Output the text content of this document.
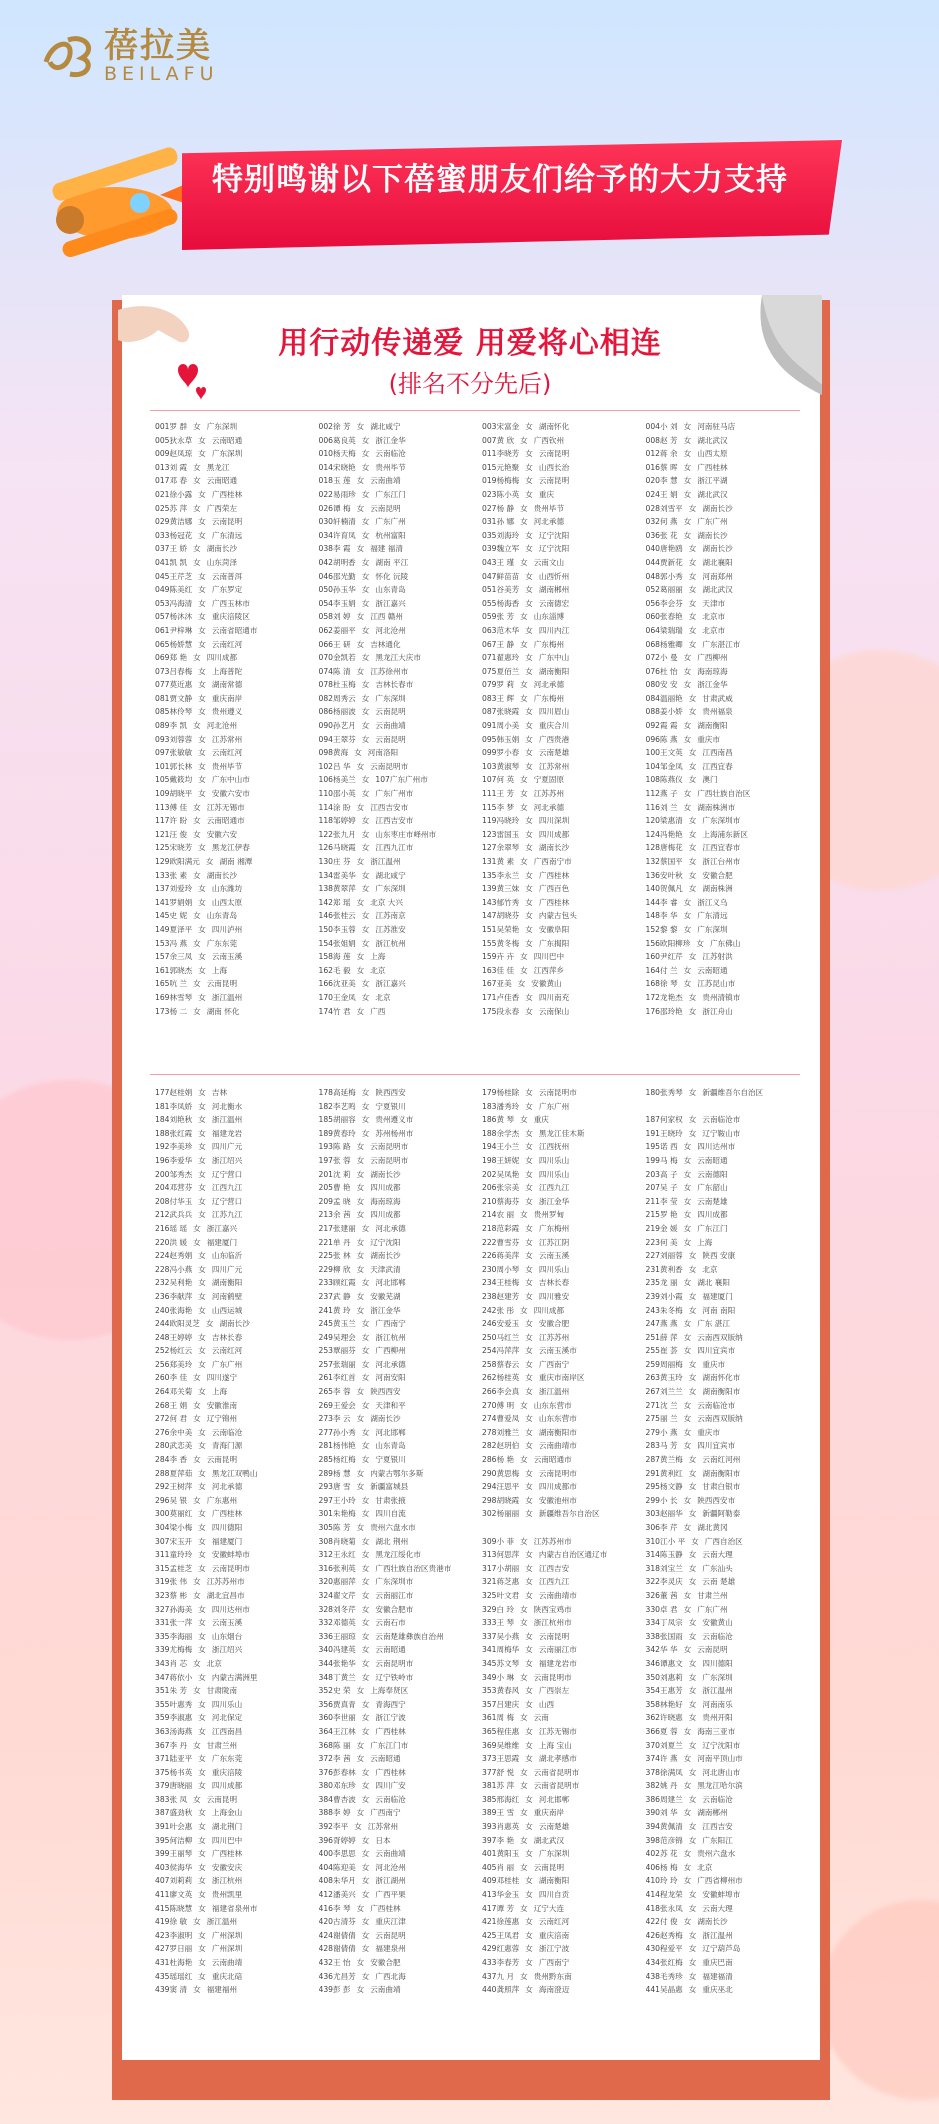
蓓拉美
BEILAFU
特别鸣谢以下蓓蜜朋友们给予的大力支持
用行动传递爱 用爱将心相连
(排名不分先后)
001罗 群 女 广东深圳	002徐 芳 女 湖北咸宁	003宋富金 女 湖南怀化	004小 刘 女 河南驻马店
005狄永草 女 云南昭通	006葛良英 女 浙江金华	007黄 欣 女 广西钦州	008赵 芳 女 湖北武汉
009赵凤琼 女 广东深圳	010杨天梅 女 云南临沧	011李晓芳 女 云南昆明	012蒋 余 女 山西太原
013刘 霞 女 黑龙江	014宋晓艳 女 贵州毕节	015元艳聚 女 山西长治	016蔡 晖 女 广西桂林
017邓 春 女 云南昭通	018玉 莲 女 云南曲靖	019杨梅梅 女 云南昆明	020李 慧 女 浙江平湖
021徐小露 女 广西桂林	022易雨珍 女 广东江门	023陈小英 女 重庆	024王 娟 女 湖北武汉
025苏 萍 女 广西荣左	026谭 梅 女 云南昆明	027杨 静 女 贵州毕节	028刘雪平 女 湖南长沙
029黄洁娜 女 云南昆明	030轩楠清 女 广东广州	031孙 娜 女 河北承德	032何 燕 女 广东广州
033杨冠花 女 广东清远	034许育凤 女 杭州富阳	035刘海玲 女 辽宁沈阳	036张 花 女 湖南长沙
037王 娇 女 湖南长沙	038李 霞 女 福建 福清	039魏立军 女 辽宁沈阳	040唐艳鸥 女 湖南长沙
041凯 凯 女 山东菏泽	042胡明香 女 湖南 平江	043王 瑾 女 云南文山	044贾新花 女 湖北襄阳
045王芹芝 女 云南普洱	046邵光勤 女 怀化 沅陵	047鲜苗苗 女 山西忻州	048郭小秀 女 河南郑州
049陈美红 女 广东罗定	050孙玉华 女 山东青岛	051谷美芳 女 湖南郴州	052葛丽丽 女 湖北武汉
053冯海清 女 广西玉林市	054李玉娟 女 浙江嘉兴	055杨海香 女 云南德宏	056李会芬 女 天津市
057杨沐沐 女 重庆涪陵区	058刘 婷 女 江西 赣州	059张 芳 女 山东淄博	060张春艳 女 北京市
061尹梓琳 女 云南省昭通市	062姜丽平 女 河北沧州	063范木华 女 四川内江	064梁瑞瑞 女 北京市
065杨娇慧 女 云南红河	066王 研 女 吉林通化	067王 静 女 广东梅州	068杨雅卿 女 广东湛江市
069郑 艳 女 四川成都	070金凯若 女 黑龙江大庆市	071翟惠玲 女 广东中山	072小 曼 女 广西柳州
073吕春梅 女 上海普陀	074陈 清 女 江苏徐州市	075夏佰兰 女 湖南衡阳	076杜 怡 女 海南琼海
077莫近惠 女 湖南常德	078杜玉梅 女 吉林长春市	079罗 莉 女 河北承德	080安 安 女 浙江金华
081贾文静 女 重庆南岸	082周秀云 女 广东深圳	083王 辉 女 广东梅州	084温丽艳 女 甘肃武威
085林伶琴 女 贵州遵义	086杨丽波 女 云南昆明	087张晓霞 女 四川眉山	088姜小娇 女 贵州福泉
089李 凯 女 河北沧州	090孙艺月 女 云南曲靖	091周小美 女 重庆合川	092霞 霞 女 湖南衡阳
093刘蓉蓉 女 江苏常州	094王翠芬 女 云南昆明	095韩玉娟 女 广西贵港	096陈 燕 女 重庆市
097张敏敏 女 云南红河	098黄海 女 河南洛阳	099罗小春 女 云南楚雄	100王文英 女 江西南昌
101郭长林 女 贵州毕节	102吕 华 女 云南昆明市	103黄淑琴 女 江苏常州	104邹金凤 女 江西宜春
105戴筱均 女 广东中山市	106杨美兰 女 107广东广州市	107何 英 女 宁夏固原	108陈燕仪 女 澳门
109胡晓平 女 安徽六安市	110邵小英 女 广东广州市	111王 芳 女 江苏苏州	112燕 子 女 广西壮族自治区
113傅 佳 女 江苏无锡市	114涂 盼 女 江西吉安市	115李 梦 女 河北承德	116刘 兰 女 湖南株洲市
117许 盼 女 云南昭通市	118邹婷婷 女 江西吉安市	119冯晓玲 女 四川深圳	120梁惠清 女 广东深圳市
121汪 俊 女 安徽六安	122张九月 女 山东枣庄市峄州市	123雷国玉 女 四川成都	124冯艳艳 女 上海浦东新区
125宋晓芳 女 黑龙江伊春	126马晓霞 女 江西九江市	127余翠琴 女 湖南长沙	128唐梅花 女 江西宜春市
129欧阳满元 女 湖南 湘潭	130庄 芬 女 浙江温州	131黄 素 女 广西南宁市	132蔡国平 女 浙江台州市
133张 素 女 湖南长沙	134雷美华 女 湖北咸宁	135李永兰 女 广西桂林	136安叶秋 女 安徽合肥
137刘爱玲 女 山东潍坊	138黄翠萍 女 广东深圳	139黄三妹 女 广西百色	140贺佩凡 女 湖南株洲
141罗娟娟 女 山西太原	142郑 瑶 女 北京 大兴	143郁竹秀 女 广西桂林	144李 睿 女 浙江义乌
145史 妮 女 山东青岛	146张桂云 女 江苏南京	147胡晓芬 女 内蒙古包头	148李 华 女 广东清远
149夏泽平 女 四川泸州	150李玉蓉 女 江苏淮安	151吴荣艳 女 安徽阜阳	152黎 黎 女 广东深圳
153冯 燕 女 广东东莞	154张姐娟 女 浙江杭州	155黄冬梅 女 广东揭阳	156欧阳柳珍 女 广东佛山
157余三凤 女 云南玉溪	158海 莲 女 上海	159卉 卉 女 四川巴中	160尹红芹 女 江苏射洪
161郭晓杰 女 上海	162毛 毅 女 北京	163佳 佳 女 江西萍乡	164付 兰 女 云南昭通
165吭 兰 女 云南昆明	166沈亚美 女 浙江嘉兴	167亚美 女 安徽黄山	168徐 琴 女 江苏昆山市
169林雪琴 女 浙江温州	170王金凤 女 北京	171卢佳香 女 四川南充	172龙艳杰 女 贵州清镇市
173杨 二 女 湖南 怀化	174竹 君 女 广西	175段永春 女 云南保山	176邵玲艳 女 浙江舟山
177赵桂娟 女 吉林	178高延梅 女 陕西西安	179杨桂除 女 云南昆明市	180张秀琴 女 新疆维吾尔自治区
181李凤娇 女 河北衡水	182李艺鸣 女 宁夏银川	183潘秀玲 女 广东广州
184刘艳秋 女 浙江温州	185胡丽容 女 贵州遵义市	186黄 琴 女 重庆	187何家权 女 云南临沧市
188张红霞 女 福建龙岩	189黄春玲 女 苏州杨州市	188余学杰 女 黑龙江佳木斯	191王晓玲 女 辽宁鞍山市
192李美珍 女 四川广元	193陈 路 女 云南昆明市	194王小兰 女 江西抚州	195诺 西 女 四川达州市
196李爱华 女 浙江绍兴	197张 蓉 女 云南昆明市	198王妍妮 女 四川乐山	199马 梅 女 云南昭通
200邹秀杰 女 辽宁营口	201沈 莉 女 湖南长沙	202吴凤艳 女 四川乐山	203高 子 女 云南德阳
204邓营芬 女 江西九江	205曹 艳 女 四川成都	206张宗美 女 江西九江	207吴 子 女 广东韶山
208付华玉 女 辽宁营口	209孟 晓 女 海南琼海	210蔡海芬 女 浙江金华	211李 莹 女 云南楚雄
212武兵兵 女 江苏九江	213余 茜 女 四川成都	214农 丽 女 贵州罗甸	215罗 艳 女 四川成都
216瑶 瑶 女 浙江嘉兴	217张建丽 女 河北承德	218范彩霞 女 广东梅州	219金 媛 女 广东江门
220洪 媛 女 福建厦门	221单 丹 女 辽宁沈阳	222曹雪芬 女 江苏江阴	223何 美 女 上海
224赵秀娟 女 山东临沂	225张 林 女 湖南长沙	226蒋美萍 女 云南玉溪	227刘丽蓉 女 陕西 安康
228冯小燕 女 四川广元	229柳 欣 女 天津武清	230周小琴 女 四川乐山	231黄利香 女 北京
232吴利艳 女 湖南衡阳	233顾红霞 女 河北邯郸	234王桂梅 女 吉林长春	235龙 丽 女 湖北 襄阳
236李献萍 女 河南鹤壁	237武 静 女 安徽芜湖	238赵建芳 女 四川雅安	239刘小霞 女 福建厦门
240张海艳 女 山西运城	241黄 玲 女 浙江金华	242张 彤 女 四川成都	243朱冬梅 女 河南 南阳
244欧阳灵芝 女 湖南长沙	245黄玉兰 女 广西南宁	246安爱玉 女 安徽合肥	247燕 燕 女 广东 湛江
248王婷婷 女 吉林长春	249吴理会 女 浙江杭州	250马红兰 女 江苏苏州	251薛 萍 女 云南西双版纳
252杨红云 女 云南红河	253覃丽芬 女 广西柳州	254冯萍萍 女 云南玉溪市	255崔 荟 女 四川宜宾市
256郑美玲 女 广东广州	257张瑞丽 女 河北承德	258蔡春云 女 广西南宁	259周丽梅 女 重庆市
260李 佳 女 四川遂宁	261李红首 女 河南安阳	262杨桂英 女 重庆市南岸区	263黄玉玲 女 湖南怀化市
264邓关菊 女 上海	265李 蓉 女 陕西西安	266李会真 女 浙江温州	267刘兰兰 女 湖南衡阳市
268王 娟 女 安徽淮南	269王爱会 女 天津和平	270傅 明 女 山东东营市	271沈 兰 女 云南临沧市
272何 君 女 辽宁锦州	273李 云 女 湖南长沙	274曹爱凤 女 山东东营市	275丽 兰 女 云南西双版纳
276余中美 女 云南临沧	277孙小秀 女 河北邯郸	278刘雅兰 女 湖南衡阳市	279小 燕 女 重庆市
280武恋美 女 青海门源	281杨伟艳 女 山东青岛	282赵玥伯 女 云南曲靖市	283马 芳 女 四川宜宾市
284李 香 女 云南昆明	285杨红梅 女 宁夏银川	286杨 艳 女 云南昭通市	287黄兰梅 女 云南红河州
288夏萍茹 女 黑龙江双鸭山	289杨 慧 女 内蒙古鄂尔多斯	290黄思梅 女 云南昆明市	291黄利红 女 湖南衡阳市
292王树萍 女 河北承德	293唐 雪 女 新疆富城县	294汪思平 女 四川成都市	295杨文静 女 甘肃白银市
296吴 银 女 广东惠州	297王小玲 女 甘肃张掖	298胡晓霞 女 安徽池州市	299小 长 女 陕西西安市
300莫丽红 女 广西桂林	301朱艳梅 女 四川自流	302杨丽丽 女 新疆维吾尔自治区	303赵丽华 女 新疆阿勒泰
304梁小梅 女 四川德阳	305陈 芳 女 贵州六盘水市	306李 芹 女 湖北黄冈
307宋玉开 女 福建厦门	308肖晓菊 女 湖北 荆州	309小 菲 女 江苏苏州市	310江小 平 女 广西自治区
311童玲玲 女 安徽蚌埠市	312王永红 女 黑龙江绥化市	313何思萍 女 内蒙古自治区通辽市	314陈玉静 女 云南大理
315孟桂芝 女 云南昆明市	316张利英 女 广西壮族自治区贵港市	317小胡丽 女 江西吉安	318刘宝兰 女 广东汕头
319张 伟 女 江苏苏州市	320惠丽萍 女 广东深圳市	321蒋芝惠 女 江西九江	322李灵庆 女 云南 楚雄
323蔡 彬 女 湖北宜昌市	324翟文芹 女 云南丽江市	325叶文君 女 云南曲靖市	326董 茜 女 甘肃兰州
327孙海美 女 四川达州市	328刘冬芹 女 安徽合肥市	329白 玲 女 陕西宝鸡市	330卓 君 女 广东广州
331张一萍 女 云南玉溪	332邓德英 女 云南石市	333王 琴 女 浙江杭州市	334丁凤宗 女 安徽黄山
335李海丽 女 山东烟台	336王丽琼 女 云南楚雄彝族自治州	337吴小燕 女 云南昆明	338张国雨 女 云南临沧
339尤梅梅 女 浙江绍兴	340冯建英 女 云南昭通	341周梅华 女 云南丽江市	342华 华 女 云南昆明
343肖 芯 女 北京	344张艳华 女 云南昆明市	345苏文琴 女 福建龙岩市	346谭惠文 女 四川德阳
347蒋依小 女 内蒙古满洲里	348丁黄兰 女 辽宁铁岭市	349小 琳 女 云南昆明市	350刘惠莉 女 广东深圳
351朱 芳 女 甘肃陇南	352史 荣 女 上海奉贤区	353黄春风 女 广西崇左	354王惠芳 女 浙江温州
355叶惠秀 女 四川乐山	356贾真青 女 青海西宁	357吕建庆 女 山西	358林艳好 女 河南南乐
359李淑惠 女 河北保定	360李世丽 女 浙江宁波	361周 梅 女 云南	362许晓惠 女 贵州开阳
363汤海燕 女 江西南昌	364王江林 女 广西桂林	365程佳惠 女 江苏无锡市	366夏 蓉 女 海南三亚市
367李 丹 女 甘肃兰州	368陈 丽 女 广东江门市	369吴维维 女 上海 宝山	370刘夏兰 女 辽宁沈阳市
371陆亚平 女 广东东莞	372李 茜 女 云南昭通	373王思霞 女 湖北孝感市	374许 燕 女 河南平顶山市
375杨书英 女 重庆涪陵	376彭春林 女 广西桂林	377舒 悦 女 云南省昆明市	378徐满凤 女 河北唐山市
379唐晓丽 女 四川成都	380邓东珍 女 四川广安	381苏 萍 女 云南省昆明市	382姚 丹 女 黑龙江哈尔滨
383张 凤 女 云南昆明	384曹杏波 女 云南临沧	385邢海红 女 河北邯郸	386周建兰 女 云南临沧
387盛劲秋 女 上海金山	388李 婷 女 广西南宁	389王 雪 女 重庆南岸	390刘 华 女 湖南郴州
391叶会惠 女 湖北荆门	392李平 女 江苏常州	393肖惠英 女 云南楚雄	394黄佩清 女 江西吉安
395何洁柳 女 四川巴中	396胥婷婷 女 日本	397李 艳 女 湖北武汉	398范彦锦 女 广东阳江
399王丽琴 女 广西桂林	400李思思 女 云南曲靖	401黄阳玉 女 广东深圳	402苏 花 女 贵州六盘水
403侯海华 女 安徽安庆	404陈迎美 女 河北沧州	405肖 丽 女 云南昆明	406杨 梅 女 北京
407刘莉莉 女 浙江杭州	408朱华月 女 浙江湖州	409邓桂桂 女 湖南衡阳	410玲 玲 女 广西省柳州市
411廖文英 女 贵州凯里	412潘美兴 女 广西平果	413华金玉 女 四川自贡	414程龙荣 女 安徽蚌埠市
415陈晓慧 女 福建省泉州市	416李 琴 女 广西桂林	417谭 芳 女 辽宁大连	418张永凤 女 云南大理
419徐 敏 女 浙江温州	420古清芬 女 重庆江津	421徐莲惠 女 云南红河	422付 俊 女 湖南长沙
423李淑明 女 广州深圳	424谢倩倩 女 云南昆明	425王凤君 女 重庆涪南	426赵秀梅 女 浙江温州
427罗日丽 女 广州深圳	428谢倩倩 女 福建泉州	429红惠蓉 女 浙江宁波	430程爱平 女 辽宁葫芦岛
431杜海艳 女 云南曲靖	432王 怡 女 安徽合肥	433李春芳 女 广西南宁	434张红梅 女 重庆巴南
435瑶瑶红 女 重庆北碚	436尤昌芳 女 广西北海	437九 月 女 贵州黔东南	438毛秀珍 女 福建福清
439窦 清 女 福建福州	439彭 彭 女 云南曲靖	440龚照萍 女 海南澄迈	441吴晶惠 女 重庆巫北
